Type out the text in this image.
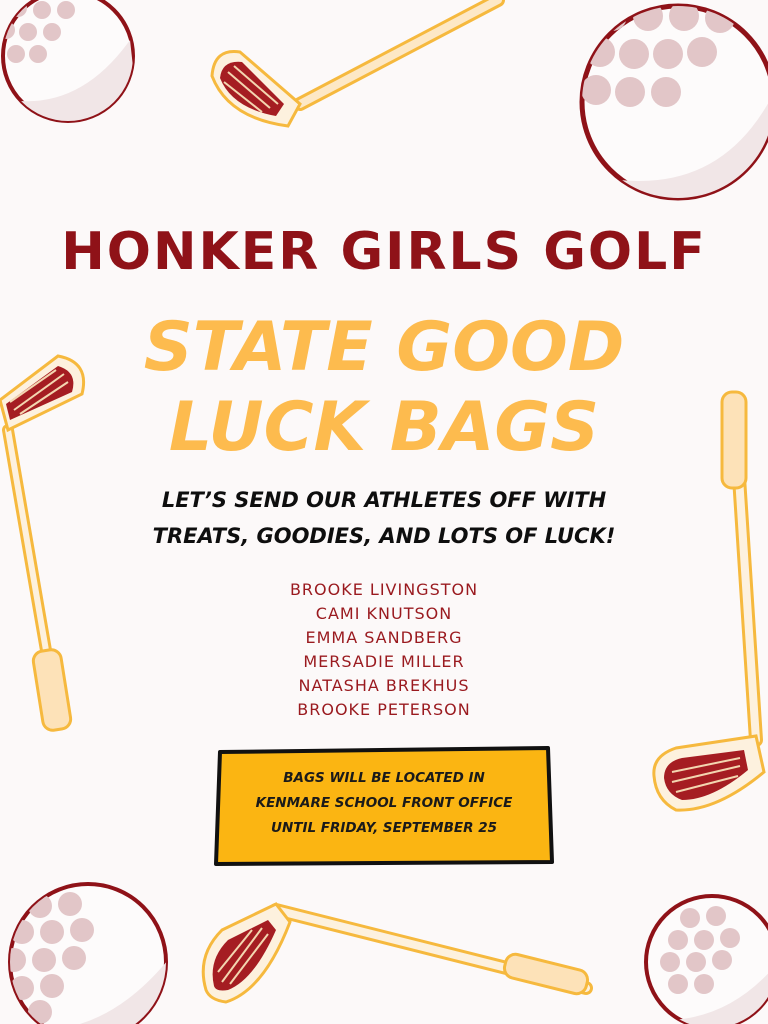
HONKER GIRLS GOLF
STATE GOOD
LUCK BAGS
LET’S SEND OUR ATHLETES OFF WITH
TREATS, GOODIES, AND LOTS OF LUCK!
BROOKE LIVINGSTON
CAMI KNUTSON
EMMA SANDBERG
MERSADIE MILLER
NATASHA BREKHUS
BROOKE PETERSON
BAGS WILL BE LOCATED IN
KENMARE SCHOOL FRONT OFFICE
UNTIL FRIDAY, SEPTEMBER 25
